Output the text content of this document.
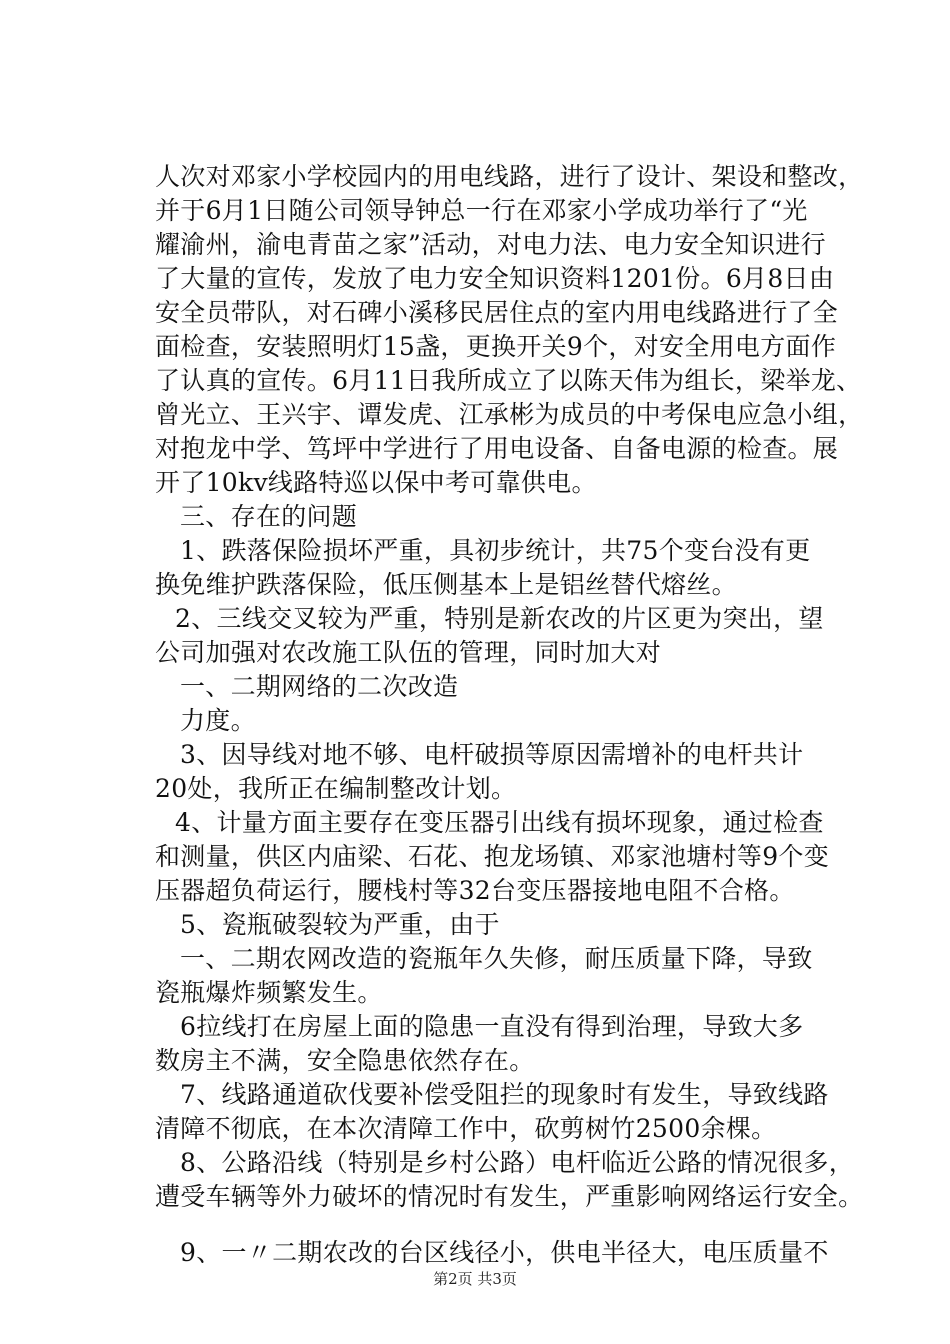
人次对邓家小学校园内的用电线路，进行了设计、架设和整改，
并于6月1日随公司领导钟总一行在邓家小学成功举行了“光
耀渝州，渝电青苗之家”活动，对电力法、电力安全知识进行
了大量的宣传，发放了电力安全知识资料1201份。6月8日由
安全员带队，对石碑小溪移民居住点的室内用电线路进行了全
面检查，安装照明灯15盏，更换开关9个，对安全用电方面作
了认真的宣传。6月11日我所成立了以陈天伟为组长，梁举龙、
曾光立、王兴宇、谭发虎、江承彬为成员的中考保电应急小组，
对抱龙中学、笃坪中学进行了用电设备、自备电源的检查。展
开了10kv线路特巡以保中考可靠供电。
三、存在的问题
1、跌落保险损坏严重，具初步统计，共75个变台没有更
换免维护跌落保险，低压侧基本上是铝丝替代熔丝。
2、三线交叉较为严重，特别是新农改的片区更为突出，望
公司加强对农改施工队伍的管理，同时加大对
一、二期网络的二次改造
力度。
3、因导线对地不够、电杆破损等原因需增补的电杆共计
20处，我所正在编制整改计划。
4、计量方面主要存在变压器引出线有损坏现象，通过检查
和测量，供区内庙梁、石花、抱龙场镇、邓家池塘村等9个变
压器超负荷运行，腰栈村等32台变压器接地电阻不合格。
5、瓷瓶破裂较为严重，由于
一、二期农网改造的瓷瓶年久失修，耐压质量下降，导致
瓷瓶爆炸频繁发生。
6拉线打在房屋上面的隐患一直没有得到治理，导致大多
数房主不满，安全隐患依然存在。
7、线路通道砍伐要补偿受阻拦的现象时有发生，导致线路
清障不彻底，在本次清障工作中，砍剪树竹2500余棵。
8、公路沿线（特别是乡村公路）电杆临近公路的情况很多，
遭受车辆等外力破坏的情况时有发生，严重影响网络运行安全。
9、一〃二期农改的台区线径小，供电半径大，电压质量不
第2页 共3页
